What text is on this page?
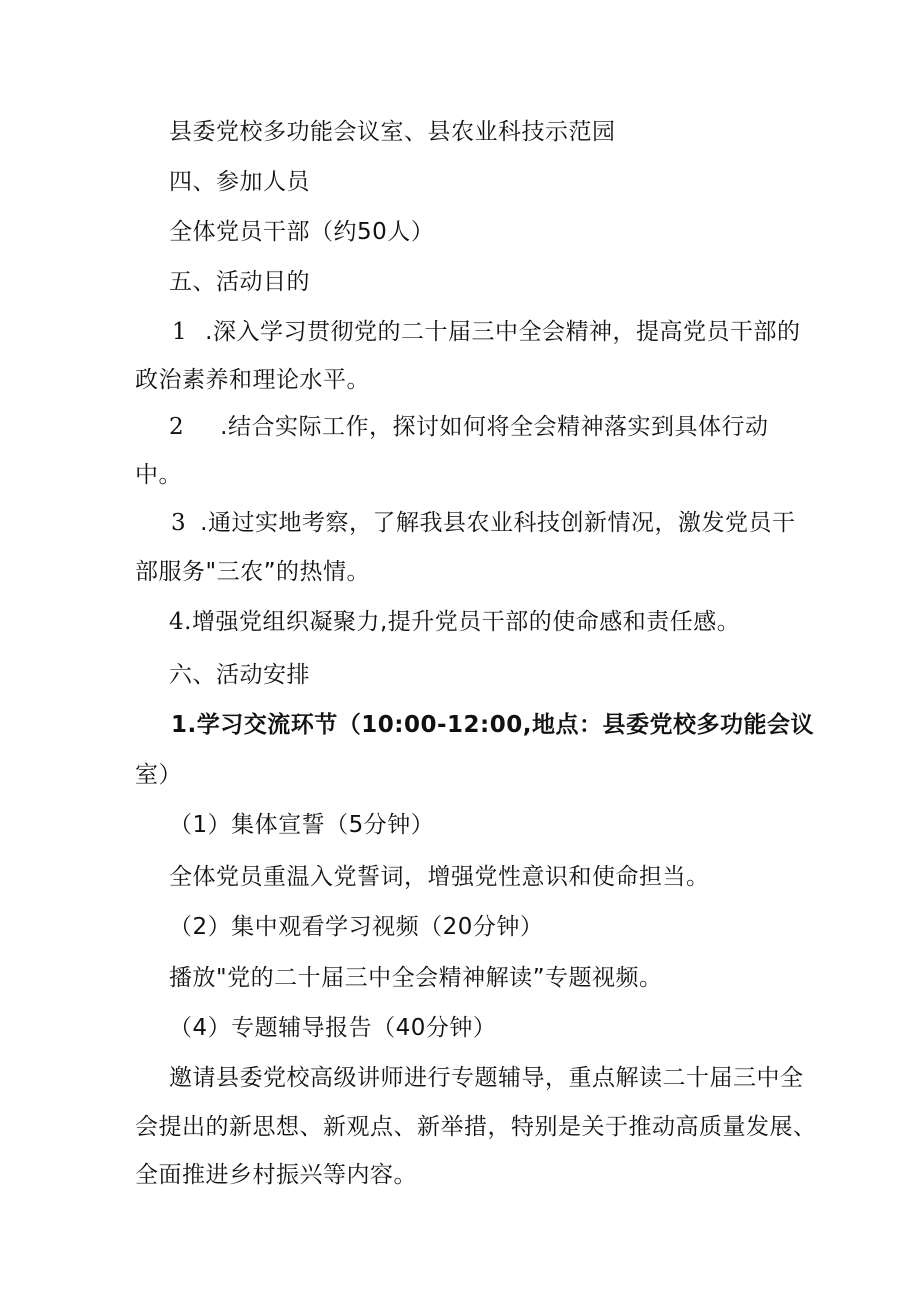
县委党校多功能会议室、县农业科技示范园
四、参加人员
全体党员干部（约50人）
五、活动目的
1 .深入学习贯彻党的二十届三中全会精神，提高党员干部的
政治素养和理论水平。
2 .结合实际工作，探讨如何将全会精神落实到具体行动
中。
3 .通过实地考察，了解我县农业科技创新情况，激发党员干
部服务"三农”的热情。
4.增强党组织凝聚力,提升党员干部的使命感和责任感。
六、活动安排
1.学习交流环节（10:00-12:00,地点：县委党校多功能会议
室）
（1）集体宣誓（5分钟）
全体党员重温入党誓词，增强党性意识和使命担当。
（2）集中观看学习视频（20分钟）
播放"党的二十届三中全会精神解读”专题视频。
（4）专题辅导报告（40分钟）
邀请县委党校高级讲师进行专题辅导，重点解读二十届三中全
会提出的新思想、新观点、新举措，特别是关于推动高质量发展、
全面推进乡村振兴等内容。
